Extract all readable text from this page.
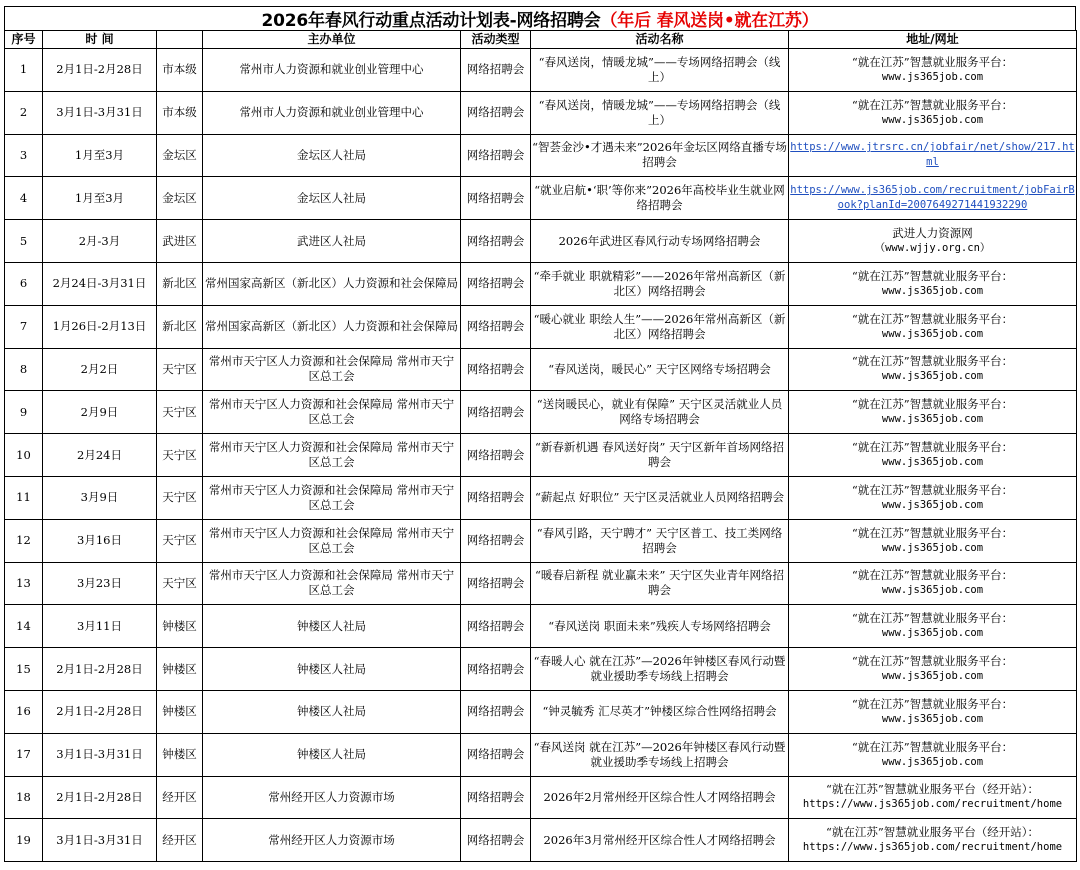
2026年春风行动重点活动计划表-网络招聘会 （年后 春风送岗•就在江苏）
序号	时 间		主办单位	活动类型	活动名称	地址/网址
1	2月1日-2月28日	市本级	常州市人力资源和就业创业管理中心	网络招聘会	“春风送岗，情暖龙城”——专场网络招聘会（线上）	“就在江苏”智慧就业服务平台：
www.js365job.com

2	3月1日-3月31日	市本级	常州市人力资源和就业创业管理中心	网络招聘会	“春风送岗，情暖龙城”——专场网络招聘会（线上）	“就在江苏”智慧就业服务平台：
www.js365job.com

3	1月至3月	金坛区	金坛区人社局	网络招聘会	“智荟金沙•才遇未来”2026年金坛区网络直播专场招聘会	https://www.jtrsrc.cn/jobfair/net/show/217.html
4	1月至3月	金坛区	金坛区人社局	网络招聘会	“就业启航•‘职’等你来”2026年高校毕业生就业网络招聘会	https://www.js365job.com/recruitment/jobFairBook?planId=2007649271441932290
5	2月-3月	武进区	武进区人社局	网络招聘会	2026年武进区春风行动专场网络招聘会	武进人力资源网
（www.wjjy.org.cn）

6	2月24日-3月31日	新北区	常州国家高新区（新北区）人力资源和社会保障局	网络招聘会	“牵手就业 职就精彩”——2026年常州高新区（新北区）网络招聘会	“就在江苏”智慧就业服务平台：
www.js365job.com

7	1月26日-2月13日	新北区	常州国家高新区（新北区）人力资源和社会保障局	网络招聘会	“暖心就业 职绘人生”——2026年常州高新区（新北区）网络招聘会	“就在江苏”智慧就业服务平台：
www.js365job.com

8	2月2日	天宁区	常州市天宁区人力资源和社会保障局 常州市天宁区总工会	网络招聘会	“春风送岗，暖民心” 天宁区网络专场招聘会	“就在江苏”智慧就业服务平台：
www.js365job.com

9	2月9日	天宁区	常州市天宁区人力资源和社会保障局 常州市天宁区总工会	网络招聘会	“送岗暖民心，就业有保障” 天宁区灵活就业人员网络专场招聘会	“就在江苏”智慧就业服务平台：
www.js365job.com

10	2月24日	天宁区	常州市天宁区人力资源和社会保障局 常州市天宁区总工会	网络招聘会	“新春新机遇 春风送好岗” 天宁区新年首场网络招聘会	“就在江苏”智慧就业服务平台：
www.js365job.com

11	3月9日	天宁区	常州市天宁区人力资源和社会保障局 常州市天宁区总工会	网络招聘会	“薪起点 好职位” 天宁区灵活就业人员网络招聘会	“就在江苏”智慧就业服务平台：
www.js365job.com

12	3月16日	天宁区	常州市天宁区人力资源和社会保障局 常州市天宁区总工会	网络招聘会	“春风引路，天宁聘才” 天宁区普工、技工类网络招聘会	“就在江苏”智慧就业服务平台：
www.js365job.com

13	3月23日	天宁区	常州市天宁区人力资源和社会保障局 常州市天宁区总工会	网络招聘会	“暖春启新程 就业赢未来” 天宁区失业青年网络招聘会	“就在江苏”智慧就业服务平台：
www.js365job.com

14	3月11日	钟楼区	钟楼区人社局	网络招聘会	“春风送岗 职面未来”残疾人专场网络招聘会	“就在江苏”智慧就业服务平台：
www.js365job.com

15	2月1日-2月28日	钟楼区	钟楼区人社局	网络招聘会	“春暖人心 就在江苏”—2026年钟楼区春风行动暨就业援助季专场线上招聘会	“就在江苏”智慧就业服务平台：
www.js365job.com

16	2月1日-2月28日	钟楼区	钟楼区人社局	网络招聘会	“钟灵毓秀 汇尽英才”钟楼区综合性网络招聘会	“就在江苏”智慧就业服务平台：
www.js365job.com

17	3月1日-3月31日	钟楼区	钟楼区人社局	网络招聘会	“春风送岗 就在江苏”—2026年钟楼区春风行动暨就业援助季专场线上招聘会	“就在江苏”智慧就业服务平台：
www.js365job.com

18	2月1日-2月28日	经开区	常州经开区人力资源市场	网络招聘会	2026年2月常州经开区综合性人才网络招聘会	“就在江苏”智慧就业服务平台（经开站）：
https://www.js365job.com/recruitment/home

19	3月1日-3月31日	经开区	常州经开区人力资源市场	网络招聘会	2026年3月常州经开区综合性人才网络招聘会	“就在江苏”智慧就业服务平台（经开站）：
https://www.js365job.com/recruitment/home
